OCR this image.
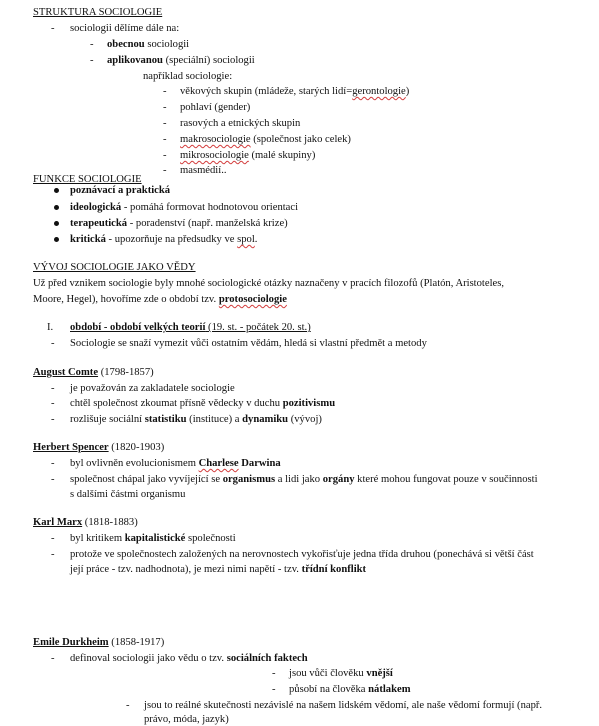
STRUKTURA SOCIOLOGIE
- sociologii dělíme dále na:
- obecnou sociologii
- aplikovanou (speciální) sociologii
například sociologie:
- věkových skupin (mládeže, starých lidí=gerontologie)
- pohlaví (gender)
- rasových a etnických skupin
- makrosociologie (společnost jako celek)
- mikrosociologie (malé skupiny)
- masmédií..
FUNKCE SOCIOLOGIE
poznávací a praktická
ideologická - pomáhá formovat hodnotovou orientaci
terapeutická - poradenství (např. manželská krize)
kritická - upozorňuje na předsudky ve spol.
VÝVOJ SOCIOLOGIE JAKO VĚDY
Už před vznikem sociologie byly mnohé sociologické otázky naznačeny v pracích filozofů (Platón, Aristoteles,
Moore, Hegel), hovoříme zde o období tzv. protosociologie
I. období - období velkých teorií (19. st. - počátek 20. st.)
- Sociologie se snaží vymezit vůči ostatním vědám, hledá si vlastní předmět a metody
August Comte (1798-1857)
- je považován za zakladatele sociologie
- chtěl společnost zkoumat přísně vědecky v duchu pozitivismu
- rozlišuje sociální statistiku (instituce) a dynamiku (vývoj)
Herbert Spencer (1820-1903)
- byl ovlivněn evolucionismem Charlese Darwina
- společnost chápal jako vyvíjející se organismus a lidi jako orgány které mohou fungovat pouze v součinnosti
s dalšími částmi organismu
Karl Marx (1818-1883)
- byl kritikem kapitalistické společnosti
- protože ve společnostech založených na nerovnostech vykořisťuje jedna třída druhou (ponechává si větší část
její práce - tzv. nadhodnota), je mezi nimi napětí - tzv. třídní konflikt
Emile Durkheim (1858-1917)
- definoval sociologii jako vědu o tzv. sociálních faktech
- jsou vůči člověku vnější
- působí na člověka nátlakem
- jsou to reálné skutečnosti nezávislé na našem lidském vědomí, ale naše vědomí formují (např.
právo, móda, jazyk)
